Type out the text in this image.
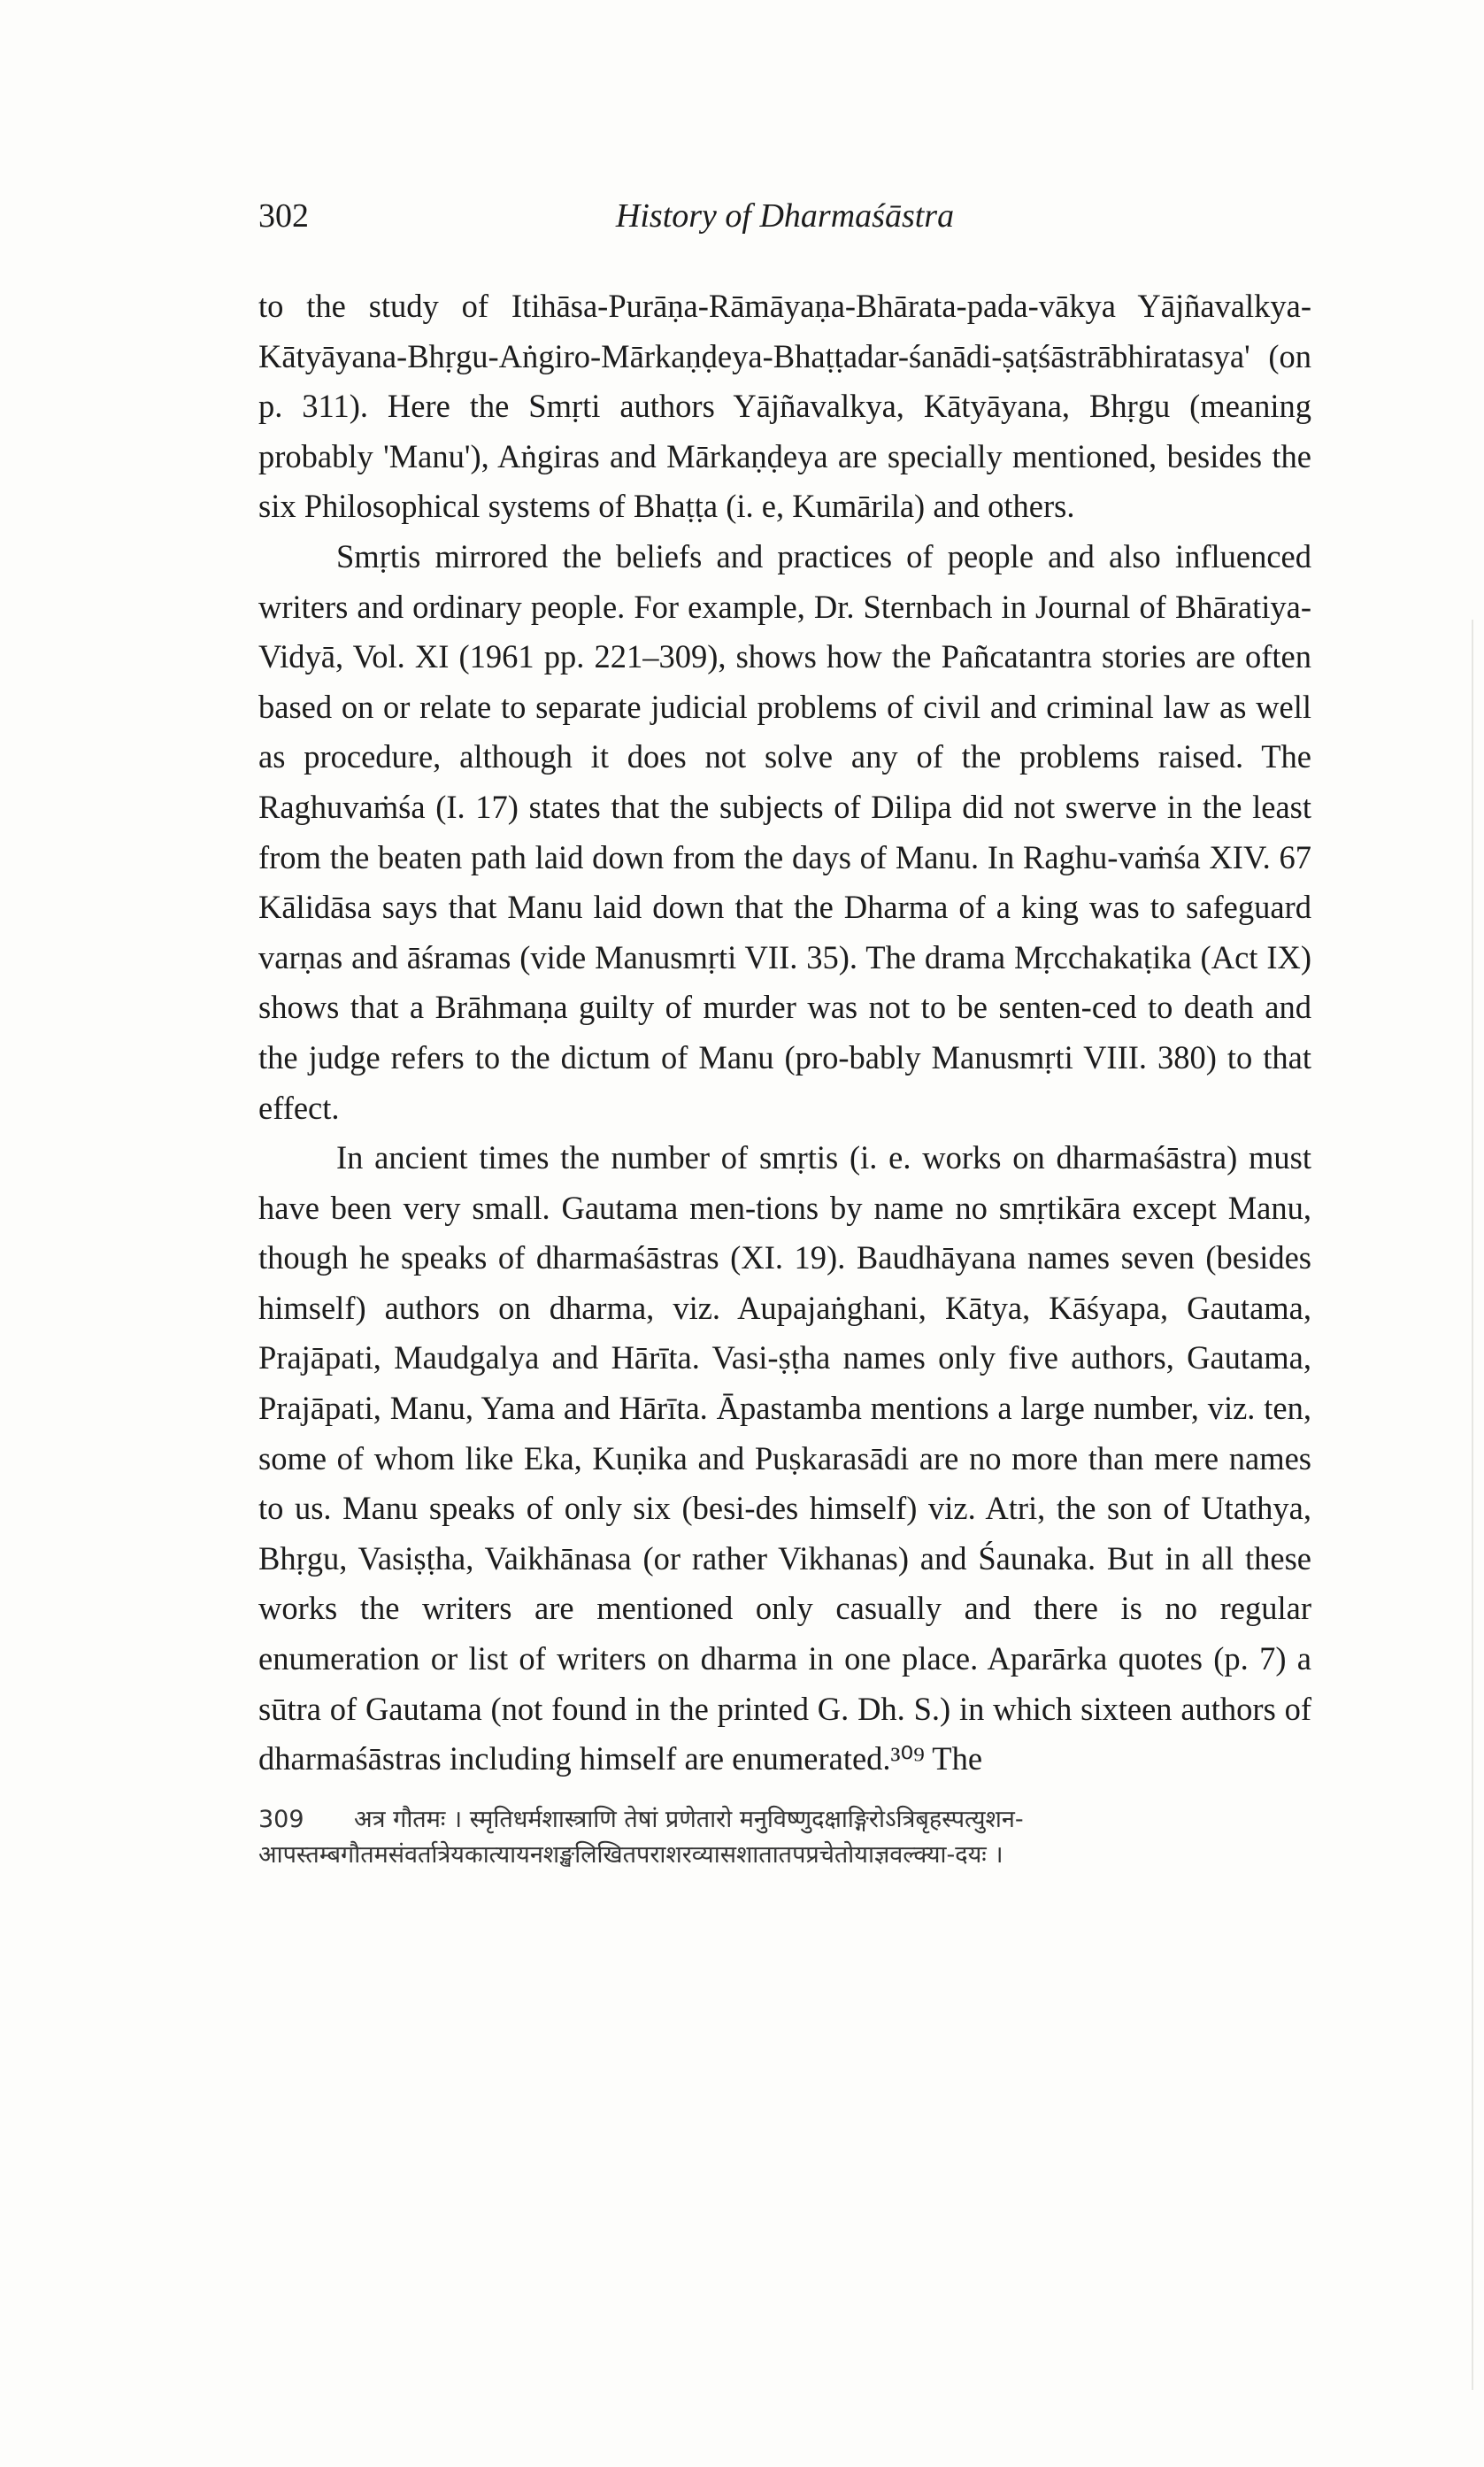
302	History of Dharmaśāstra

to the study of Itihāsa-Purāṇa-Rāmāyaṇa-Bhārata-pada-vākya Yājñavalkya-Kātyāyana-Bhṛgu-Aṅgiro-Mārkaṇḍeya-Bhaṭṭadar-śanādi-ṣaṭśāstrābhiratasya' (on p. 311). Here the Smṛti authors Yājñavalkya, Kātyāyana, Bhṛgu (meaning probably 'Manu'), Aṅgiras and Mārkaṇḍeya are specially mentioned, besides the six Philosophical systems of Bhaṭṭa (i. e, Kumārila) and others.

Smṛtis mirrored the beliefs and practices of people and also influenced writers and ordinary people. For example, Dr. Sternbach in Journal of Bhāratiya-Vidyā, Vol. XI (1961 pp. 221–309), shows how the Pañcatantra stories are often based on or relate to separate judicial problems of civil and criminal law as well as procedure, although it does not solve any of the problems raised. The Raghuvaṁśa (I. 17) states that the subjects of Dilipa did not swerve in the least from the beaten path laid down from the days of Manu. In Raghu-vaṁśa XIV. 67 Kālidāsa says that Manu laid down that the Dharma of a king was to safeguard varṇas and āśramas (vide Manusmṛti VII. 35). The drama Mṛcchakaṭika (Act IX) shows that a Brāhmaṇa guilty of murder was not to be senten-ced to death and the judge refers to the dictum of Manu (pro-bably Manusmṛti VIII. 380) to that effect.

In ancient times the number of smṛtis (i. e. works on dharmaśāstra) must have been very small. Gautama men-tions by name no smṛtikāra except Manu, though he speaks of dharmaśāstras (XI. 19). Baudhāyana names seven (besides himself) authors on dharma, viz. Aupajaṅghani, Kātya, Kāśyapa, Gautama, Prajāpati, Maudgalya and Hārīta. Vasi-ṣṭha names only five authors, Gautama, Prajāpati, Manu, Yama and Hārīta. Āpastamba mentions a large number, viz. ten, some of whom like Eka, Kuṇika and Puṣkarasādi are no more than mere names to us. Manu speaks of only six (besi-des himself) viz. Atri, the son of Utathya, Bhṛgu, Vasiṣṭha, Vaikhānasa (or rather Vikhanas) and Śaunaka. But in all these works the writers are mentioned only casually and there is no regular enumeration or list of writers on dharma in one place. Aparārka quotes (p. 7) a sūtra of Gautama (not found in the printed G. Dh. S.) in which sixteen authors of dharmaśāstras including himself are enumerated.³⁰⁹ The

309 अत्र गौतमः । स्मृतिधर्मशास्त्राणि तेषां प्रणेतारो मनुविष्णुदक्षाङ्गिरोऽत्रिबृहस्पत्युशन-आपस्तम्बगौतमसंवर्तात्रेयकात्यायनशङ्खलिखितपराशरव्यासशातातपप्रचेतोयाज्ञवल्क्या-दयः ।
